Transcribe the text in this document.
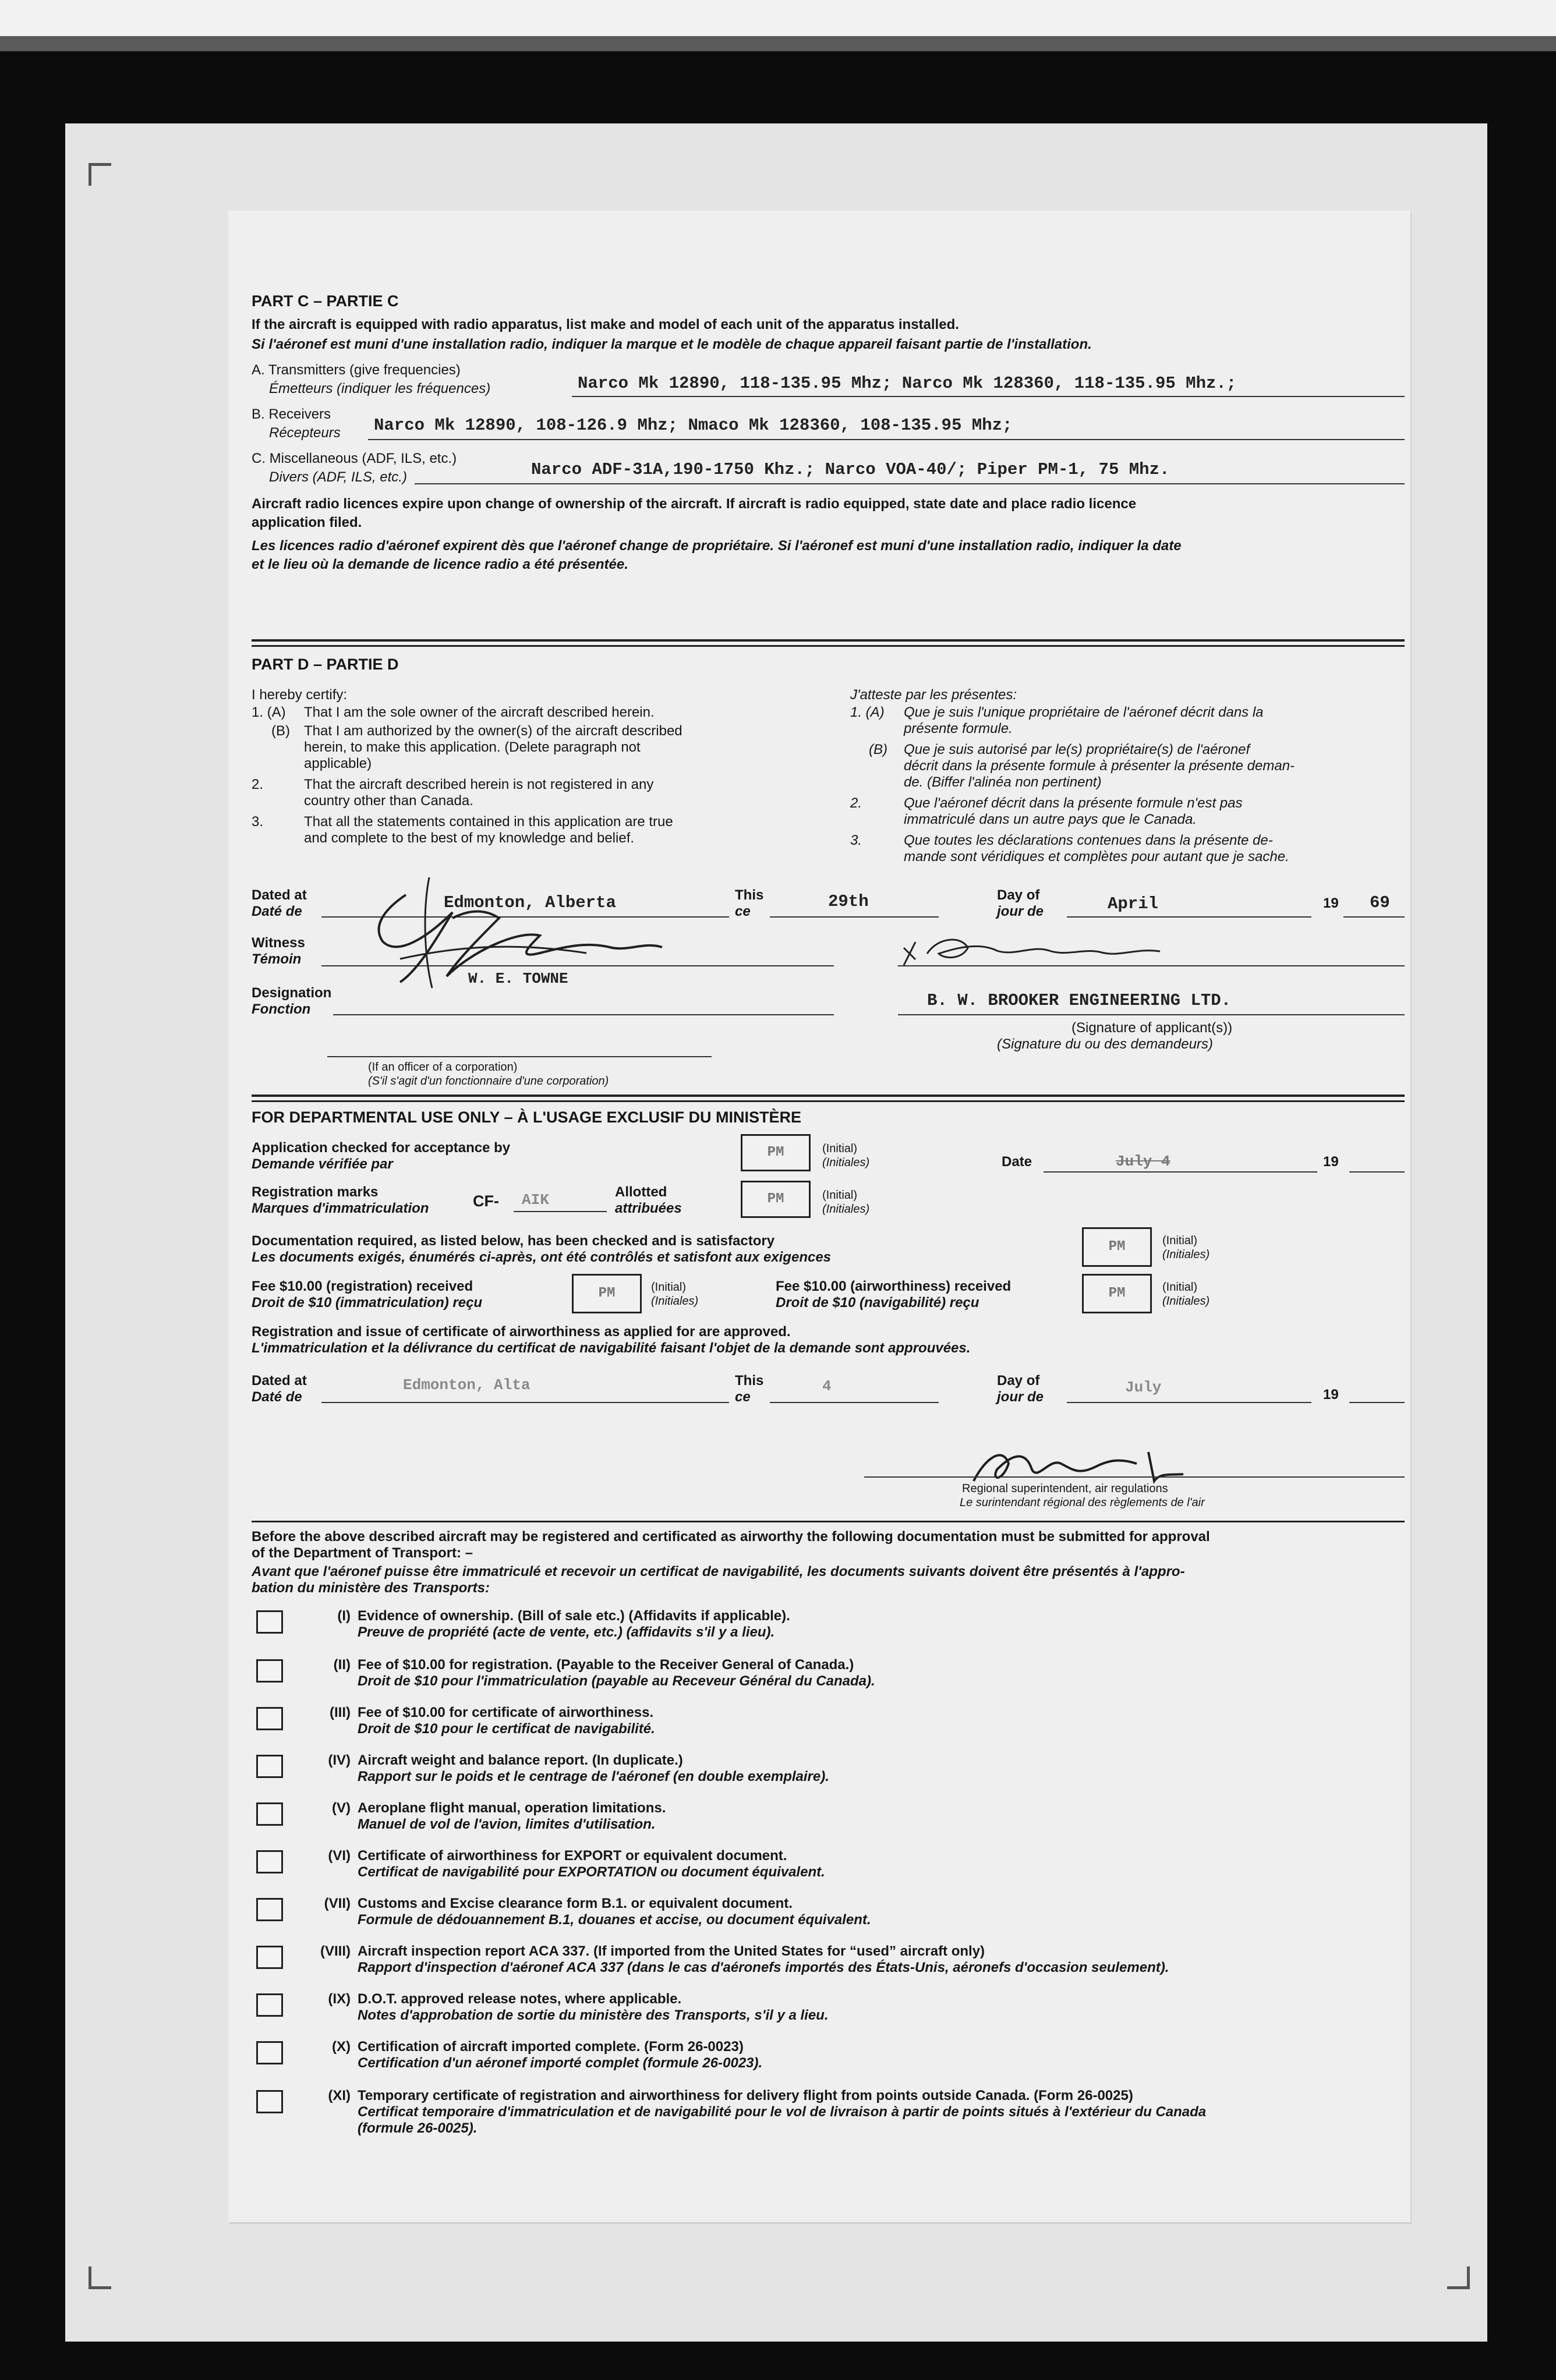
PART C – PARTIE C
If the aircraft is equipped with radio apparatus, list make and model of each unit of the apparatus installed.
Si l'aéronef est muni d'une installation radio, indiquer la marque et le modèle de chaque appareil faisant partie de l'installation.
A. Transmitters (give frequencies)
Émetteurs (indiquer les fréquences)	Narco Mk 12890, 118-135.95 Mhz; Narco Mk 128360, 118-135.95 Mhz.;
B. Receivers
Récepteurs Narco Mk 12890, 108-126.9 Mhz; Nmaco Mk 128360, 108-135.95 Mhz;
C. Miscellaneous (ADF, ILS, etc.)
Divers (ADF, ILS, etc.)	Narco ADF-31A,190-1750 Khz.; Narco VOA-40/; Piper PM-1, 75 Mhz.
Aircraft radio licences expire upon change of ownership of the aircraft. If aircraft is radio equipped, state date and place radio licence
application filed.
Les licences radio d'aéronef expirent dès que l'aéronef change de propriétaire. Si l'aéronef est muni d'une installation radio, indiquer la date
et le lieu où la demande de licence radio a été présentée.
PART D – PARTIE D
I hereby certify:
1. (A) That I am the sole owner of the aircraft described herein.
(B) That I am authorized by the owner(s) of the aircraft described
herein, to make this application. (Delete paragraph not
applicable)
2.	That the aircraft described herein is not registered in any
country other than Canada.
3.	That all the statements contained in this application are true
and complete to the best of my knowledge and belief.
J'atteste par les présentes:
1. (A) Que je suis l'unique propriétaire de l'aéronef décrit dans la
présente formule.
(B) Que je suis autorisé par le(s) propriétaire(s) de l'aéronef
décrit dans la présente formule à présenter la présente deman-
de. (Biffer l'alinéa non pertinent)
2.	Que l'aéronef décrit dans la présente formule n'est pas
immatriculé dans un autre pays que le Canada.
3.	Que toutes les déclarations contenues dans la présente de-
mande sont véridiques et complètes pour autant que je sache.
Dated at
Daté de	Edmonton, Alberta	This
ce
29th	Day of
jour de	April	19 69
Witness
Témoin
W. E. TOWNE
Designation
Fonction	B. W. BROOKER ENGINEERING LTD.
(Signature of applicant(s))
(Signature du ou des demandeurs)
(If an officer of a corporation)
(S'il s'agit d'un fonctionnaire d'une corporation)
FOR DEPARTMENTAL USE ONLY – À L'USAGE EXCLUSIF DU MINISTÈRE
Application checked for acceptance by
Demande vérifiée par
PM	(Initial)
(Initiales)	Date	July 4	19
Registration marks
Marques d'immatriculation	CF- AIK	Allotted
attribuées
PM	(Initial)
(Initiales)
Documentation required, as listed below, has been checked and is satisfactory
Les documents exigés, énumérés ci-après, ont été contrôlés et satisfont aux exigences
PM	(Initial)
(Initiales)
Fee $10.00 (registration) received
Droit de $10 (immatriculation) reçu
PM	(Initial)
(Initiales)
Fee $10.00 (airworthiness) received
Droit de $10 (navigabilité) reçu
PM	(Initial)
(Initiales)
Registration and issue of certificate of airworthiness as applied for are approved.
L'immatriculation et la délivrance du certificat de navigabilité faisant l'objet de la demande sont approuvées.
Dated at
Daté de
Edmonton, Alta	This
ce
4	Day of
jour de
July	19
Regional superintendent, air regulations
Le surintendant régional des règlements de l'air
Before the above described aircraft may be registered and certificated as airworthy the following documentation must be submitted for approval
of the Department of Transport: –
Avant que l'aéronef puisse être immatriculé et recevoir un certificat de navigabilité, les documents suivants doivent être présentés à l'appro-
bation du ministère des Transports:
(I) Evidence of ownership. (Bill of sale etc.) (Affidavits if applicable).
Preuve de propriété (acte de vente, etc.) (affidavits s'il y a lieu).
(II) Fee of $10.00 for registration. (Payable to the Receiver General of Canada.)
Droit de $10 pour l'immatriculation (payable au Receveur Général du Canada).
(III) Fee of $10.00 for certificate of airworthiness.
Droit de $10 pour le certificat de navigabilité.
(IV) Aircraft weight and balance report. (In duplicate.)
Rapport sur le poids et le centrage de l'aéronef (en double exemplaire).
(V) Aeroplane flight manual, operation limitations.
Manuel de vol de l'avion, limites d'utilisation.
(VI) Certificate of airworthiness for EXPORT or equivalent document.
Certificat de navigabilité pour EXPORTATION ou document équivalent.
(VII) Customs and Excise clearance form B.1. or equivalent document.
Formule de dédouannement B.1, douanes et accise, ou document équivalent.
(VIII) Aircraft inspection report ACA 337. (If imported from the United States for “used” aircraft only)
Rapport d'inspection d'aéronef ACA 337 (dans le cas d'aéronefs importés des États-Unis, aéronefs d'occasion seulement).
(IX) D.O.T. approved release notes, where applicable.
Notes d'approbation de sortie du ministère des Transports, s'il y a lieu.
(X) Certification of aircraft imported complete. (Form 26-0023)
Certification d'un aéronef importé complet (formule 26-0023).
(XI) Temporary certificate of registration and airworthiness for delivery flight from points outside Canada. (Form 26-0025)
Certificat temporaire d'immatriculation et de navigabilité pour le vol de livraison à partir de points situés à l'extérieur du Canada
(formule 26-0025).
